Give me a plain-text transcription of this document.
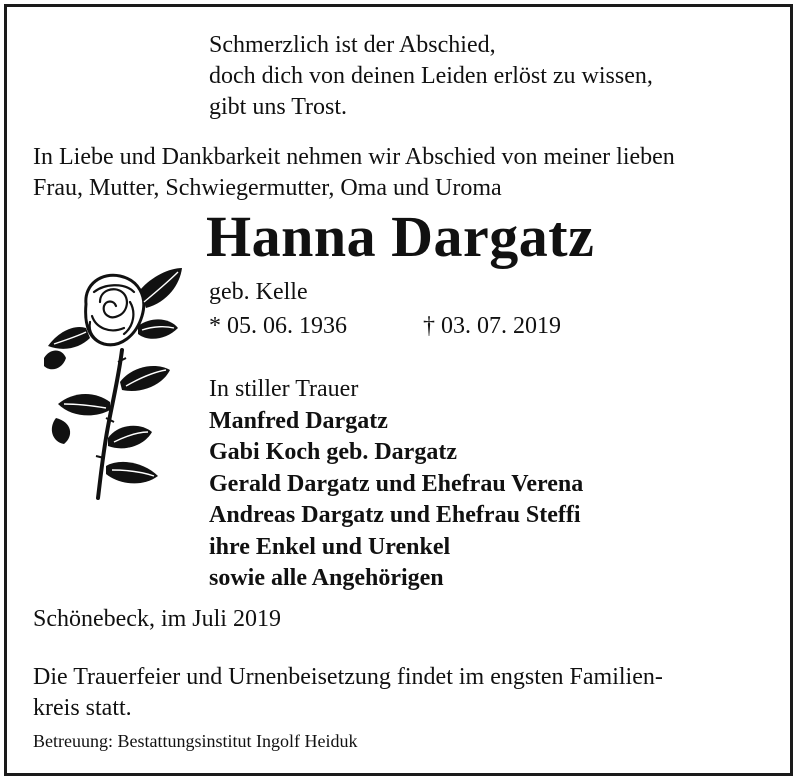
Schmerzlich ist der Abschied,
doch dich von deinen Leiden erlöst zu wissen,
gibt uns Trost.

In Liebe und Dankbarkeit nehmen wir Abschied von meiner lieben
Frau, Mutter, Schwiegermutter, Oma und Uroma

Hanna Dargatz
geb. Kelle
* 05. 06. 1936	† 03. 07. 2019
In stiller Trauer
Manfred Dargatz
Gabi Koch geb. Dargatz
Gerald Dargatz und Ehefrau Verena
Andreas Dargatz und Ehefrau Steffi
ihre Enkel und Urenkel
sowie alle Angehörigen
Schönebeck, im Juli 2019

Die Trauerfeier und Urnenbeisetzung findet im engsten Familien-
kreis statt.

Betreuung: Bestattungsinstitut Ingolf Heiduk
